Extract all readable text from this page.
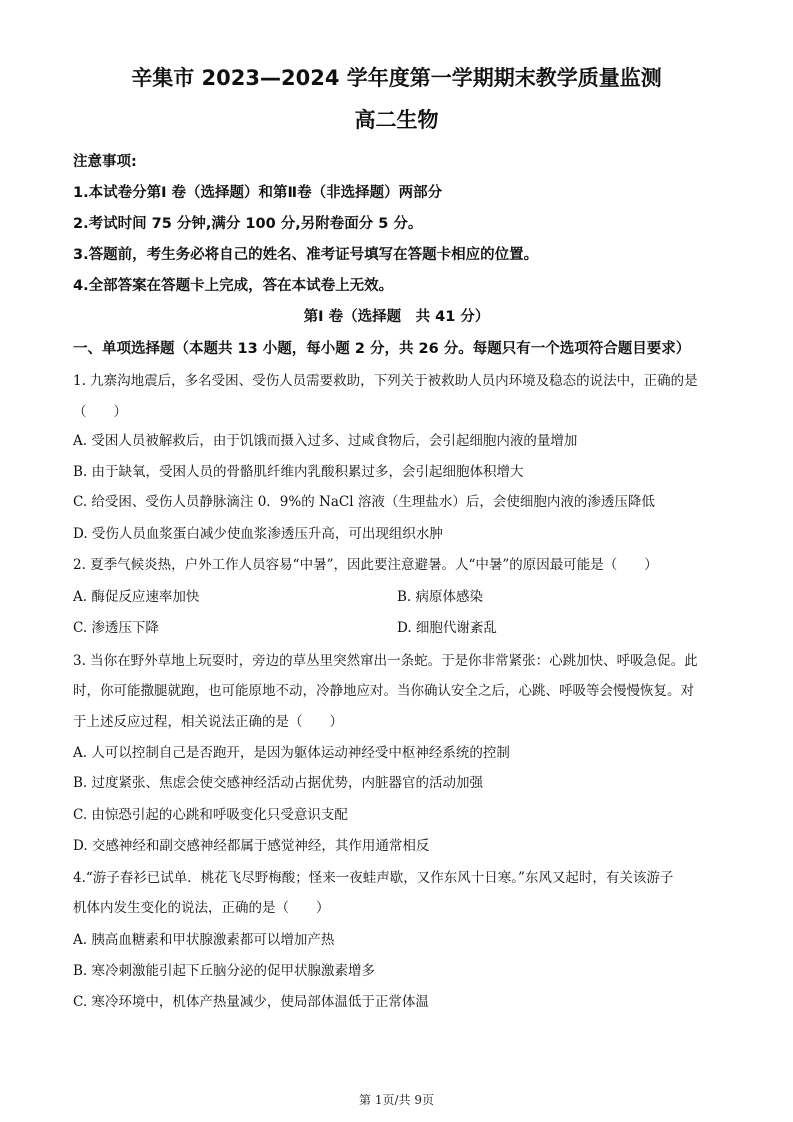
辛集市 2023—2024 学年度第一学期期末教学质量监测
高二生物
注意事项:
1.本试卷分第Ⅰ 卷（选择题）和第Ⅱ卷（非选择题）两部分
2.考试时间 75 分钟,满分 100 分,另附卷面分 5 分。
3.答题前，考生务必将自己的姓名、准考证号填写在答题卡相应的位置。
4.全部答案在答题卡上完成，答在本试卷上无效。
第Ⅰ 卷（选择题　共 41 分）
一、单项选择题（本题共 13 小题，每小题 2 分，共 26 分。每题只有一个选项符合题目要求）
1. 九寨沟地震后，多名受困、受伤人员需要救助，下列关于被救助人员内环境及稳态的说法中，正确的是
（　　）
A. 受困人员被解救后，由于饥饿而摄入过多、过咸食物后，会引起细胞内液的量增加
B. 由于缺氧，受困人员的骨骼肌纤维内乳酸积累过多，会引起细胞体积增大
C. 给受困、受伤人员静脉滴注 0．9%的 NaCl 溶液（生理盐水）后，会使细胞内液的渗透压降低
D. 受伤人员血浆蛋白减少使血浆渗透压升高，可出现组织水肿
2. 夏季气候炎热，户外工作人员容易“中暑”，因此要注意避暑。人“中暑”的原因最可能是（　　）
A. 酶促反应速率加快	B. 病原体感染
C. 渗透压下降	D. 细胞代谢紊乱
3. 当你在野外草地上玩耍时，旁边的草丛里突然窜出一条蛇。于是你非常紧张：心跳加快、呼吸急促。此
时，你可能撒腿就跑，也可能原地不动，冷静地应对。当你确认安全之后，心跳、呼吸等会慢慢恢复。对
于上述反应过程，相关说法正确的是（　　）
A. 人可以控制自己是否跑开，是因为躯体运动神经受中枢神经系统的控制
B. 过度紧张、焦虑会使交感神经活动占据优势，内脏器官的活动加强
C. 由惊恐引起的心跳和呼吸变化只受意识支配
D. 交感神经和副交感神经都属于感觉神经，其作用通常相反
4.“游子春衫已试单．桃花飞尽野梅酸；怪来一夜蛙声歇，又作东风十日寒。”东风又起时，有关该游子
机体内发生变化的说法，正确的是（　　）
A. 胰高血糖素和甲状腺激素都可以增加产热
B. 寒冷刺激能引起下丘脑分泌的促甲状腺激素增多
C. 寒冷环境中，机体产热量减少，使局部体温低于正常体温
第 1页/共 9页
